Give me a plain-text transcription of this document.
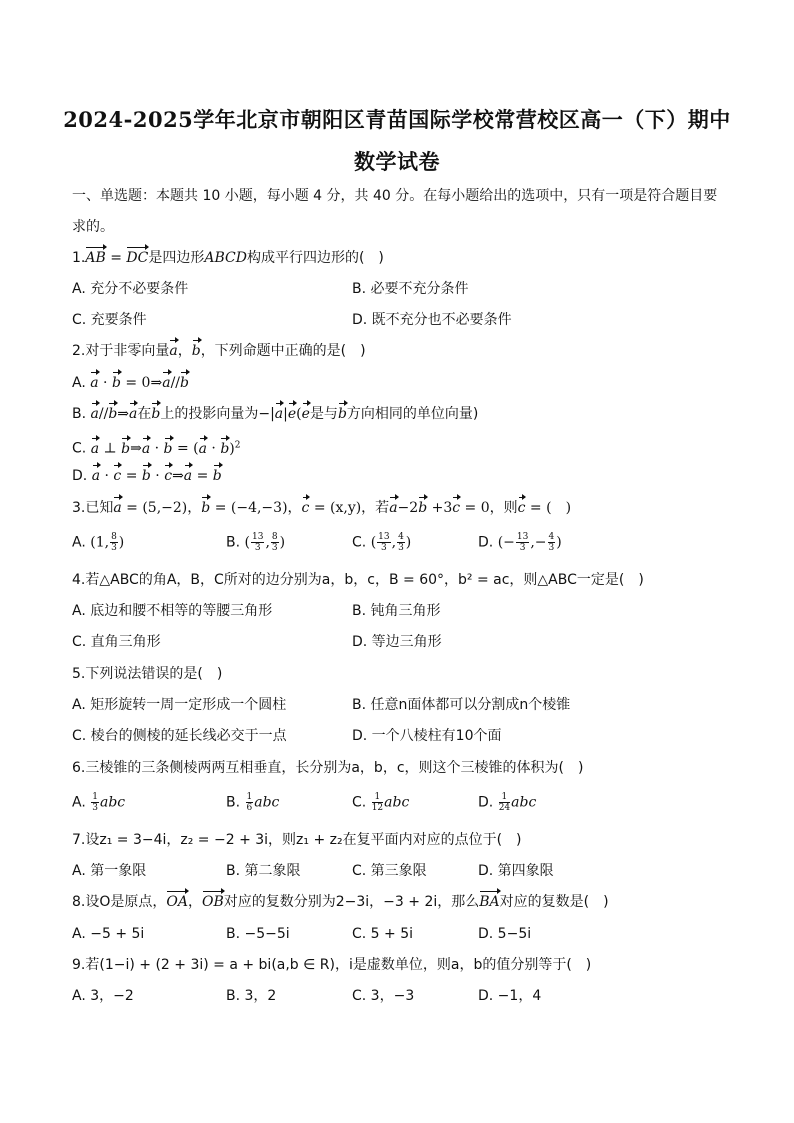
2024-2025学年北京市朝阳区青苗国际学校常营校区高一（下）期中
数学试卷
一、单选题：本题共 10 小题，每小题 4 分，共 40 分。在每小题给出的选项中，只有一项是符合题目要求的。
1.AB = DC是四边形ABCD构成平行四边形的(　)
A. 充分不必要条件	B. 必要不充分条件
C. 充要条件	D. 既不充分也不必要条件
2.对于非零向量a，b，下列命题中正确的是(　)
A. a · b = 0⇒a//b
B. a//b⇒a在b上的投影向量为−|a|e(e是与b方向相同的单位向量)
C. a ⊥ b⇒a · $b = (a \cdot b)^2$
D. a · c = b · c⇒a = b
3.已知a = (5,−2)，b = (−4,−3)，c = (x,y)，若a−2b +3c = 0，则c = (　)
A. (1, $\frac{8}{3}$ )	B. ( $\frac{13}{3}$ , $\frac{8}{3}$ )	C. ( $\frac{13}{3}$ , $\frac{4}{3}$ )	D. (− $\frac{13}{3}$ ,− $\frac{4}{3}$ )
4.若△ABC的角A，B，C所对的边分别为a，b，c，B = 60°，b² = ac，则△ABC一定是(　)
A. 底边和腰不相等的等腰三角形	B. 钝角三角形
C. 直角三角形	D. 等边三角形
5.下列说法错误的是(　)
A. 矩形旋转一周一定形成一个圆柱	B. 任意n面体都可以分割成n个棱锥
C. 棱台的侧棱的延长线必交于一点	D. 一个八棱柱有10个面
6.三棱锥的三条侧棱两两互相垂直，长分别为a，b，c，则这个三棱锥的体积为(　)
A. $\frac{1}{3}$ abc	B. $\frac{1}{6}$ abc	C. $\frac{1}{12}$ abc	D. $\frac{1}{24}$ abc
7.设z₁ = 3−4i，z₂ = −2 + 3i，则z₁ + z₂在复平面内对应的点位于(　)
A. 第一象限	B. 第二象限	C. 第三象限	D. 第四象限
8.设O是原点，OA，OB对应的复数分别为2−3i，−3 + 2i，那么BA对应的复数是(　)
A. −5 + 5i	B. −5−5i	C. 5 + 5i	D. 5−5i
9.若(1−i) + (2 + 3i) = a + bi(a,b ∈ R)，i是虚数单位，则a，b的值分别等于(　)
A. 3，−2	B. 3，2	C. 3，−3	D. −1，4
